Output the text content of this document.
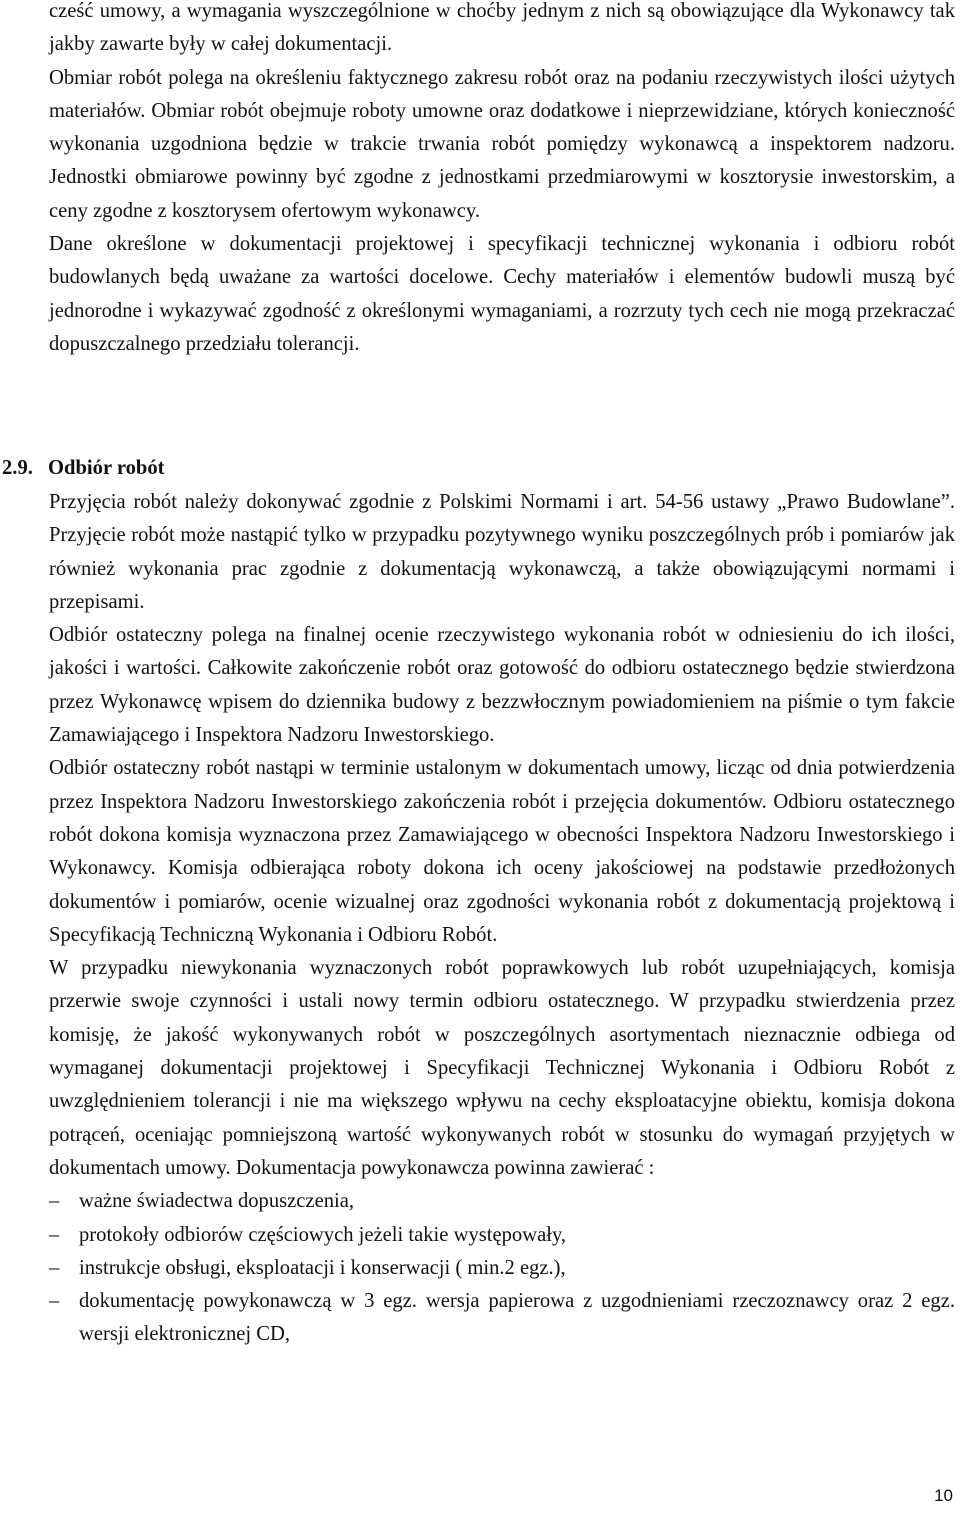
cześć umowy, a wymagania wyszczególnione w choćby jednym z nich są obowiązujące dla Wykonawcy tak jakby zawarte były w całej dokumentacji.

Obmiar robót polega na określeniu faktycznego zakresu robót oraz na podaniu rzeczywistych ilości użytych materiałów. Obmiar robót obejmuje roboty umowne oraz dodatkowe i nieprzewidziane, których konieczność wykonania uzgodniona będzie w trakcie trwania robót pomiędzy wykonawcą a inspektorem nadzoru. Jednostki obmiarowe powinny być zgodne z jednostkami przedmiarowymi w kosztorysie inwestorskim, a ceny zgodne z kosztorysem ofertowym wykonawcy.

Dane określone w dokumentacji projektowej i specyfikacji technicznej wykonania i odbioru robót budowlanych będą uważane za wartości docelowe. Cechy materiałów i elementów budowli muszą być jednorodne i wykazywać zgodność z określonymi wymaganiami, a rozrzuty tych cech nie mogą przekraczać dopuszczalnego przedziału tolerancji.

2.9. Odbiór robót

Przyjęcia robót należy dokonywać zgodnie z Polskimi Normami i art. 54-56 ustawy „Prawo Budowlane”. Przyjęcie robót może nastąpić tylko w przypadku pozytywnego wyniku poszczególnych prób i pomiarów jak również wykonania prac zgodnie z dokumentacją wykonawczą, a także obowiązującymi normami i przepisami.

Odbiór ostateczny polega na finalnej ocenie rzeczywistego wykonania robót w odniesieniu do ich ilości, jakości i wartości. Całkowite zakończenie robót oraz gotowość do odbioru ostatecznego będzie stwierdzona przez Wykonawcę wpisem do dziennika budowy z bezzwłocznym powiadomieniem na piśmie o tym fakcie Zamawiającego i Inspektora Nadzoru Inwestorskiego.

Odbiór ostateczny robót nastąpi w terminie ustalonym w dokumentach umowy, licząc od dnia potwierdzenia przez Inspektora Nadzoru Inwestorskiego zakończenia robót i przejęcia dokumentów. Odbioru ostatecznego robót dokona komisja wyznaczona przez Zamawiającego w obecności Inspektora Nadzoru Inwestorskiego i Wykonawcy. Komisja odbierająca roboty dokona ich oceny jakościowej na podstawie przedłożonych dokumentów i pomiarów, ocenie wizualnej oraz zgodności wykonania robót z dokumentacją projektową i Specyfikacją Techniczną Wykonania i Odbioru Robót.

W przypadku niewykonania wyznaczonych robót poprawkowych lub robót uzupełniających, komisja przerwie swoje czynności i ustali nowy termin odbioru ostatecznego. W przypadku stwierdzenia przez komisję, że jakość wykonywanych robót w poszczególnych asortymentach nieznacznie odbiega od wymaganej dokumentacji projektowej i Specyfikacji Technicznej Wykonania i Odbioru Robót z uwzględnieniem tolerancji i nie ma większego wpływu na cechy eksploatacyjne obiektu, komisja dokona potrąceń, oceniając pomniejszoną wartość wykonywanych robót w stosunku do wymagań przyjętych w dokumentach umowy. Dokumentacja powykonawcza powinna zawierać :

– ważne świadectwa dopuszczenia,
– protokoły odbiorów częściowych jeżeli takie występowały,
– instrukcje obsługi, eksploatacji i konserwacji ( min.2 egz.),
– dokumentację powykonawczą w 3 egz. wersja papierowa z uzgodnieniami rzeczoznawcy oraz 2 egz. wersji elektronicznej CD,
10
